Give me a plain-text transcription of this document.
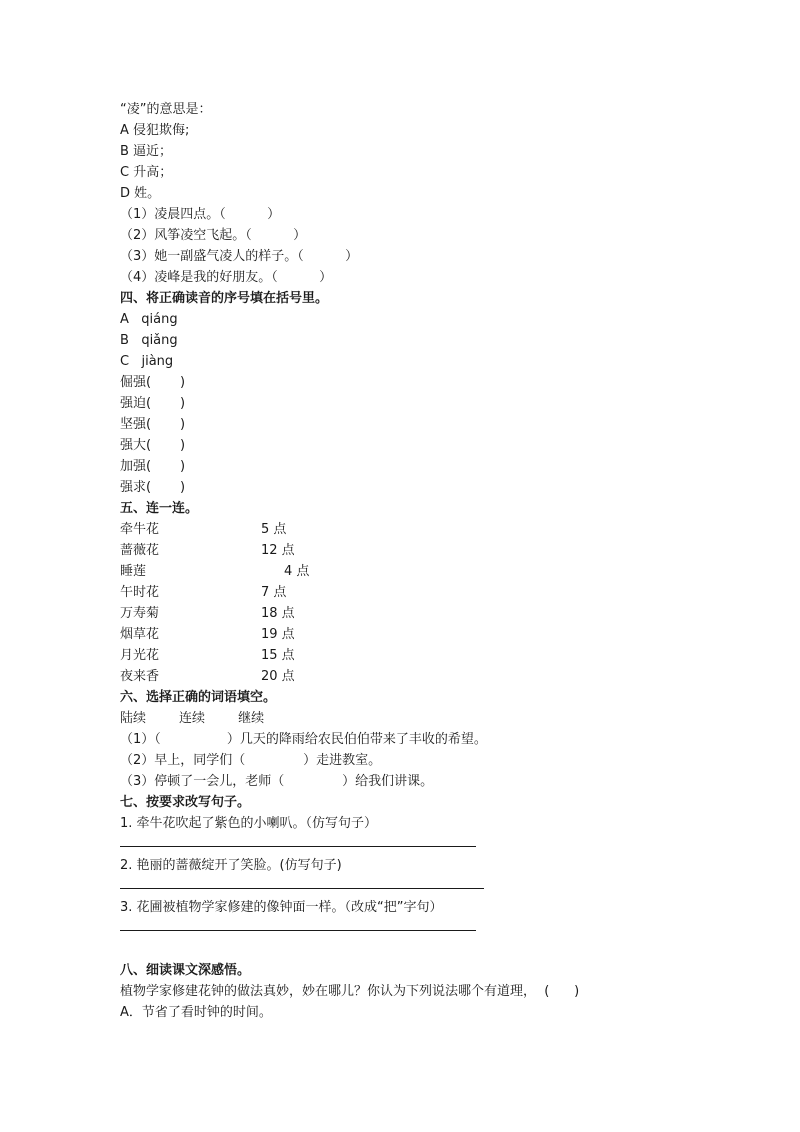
“凌”的意思是：
A 侵犯欺侮;
B 逼近；
C 升高；
D 姓。
（1）凌晨四点。（          ）
（2）风筝凌空飞起。（          ）
（3）她一副盛气凌人的样子。（          ）
（4）凌峰是我的好朋友。（          ）
四、将正确读音的序号填在括号里。
A   qiáng
B   qiǎng
C   jiàng
倔强(       )
强迫(       )
坚强(       )
强大(       )
加强(       )
强求(       )
五、连一连。
牵牛花	5 点
蔷薇花	12 点
睡莲	4 点
午时花	7 点
万寿菊	18 点
烟草花	19 点
月光花	15 点
夜来香	20 点
六、选择正确的词语填空。
陆续        连续        继续
（1）（                ）几天的降雨给农民伯伯带来了丰收的希望。
（2）早上，同学们（              ）走进教室。
（3）停顿了一会儿，老师（              ）给我们讲课。
七、按要求改写句子。
1. 牵牛花吹起了紫色的小喇叭。（仿写句子）
2. 艳丽的蔷薇绽开了笑脸。(仿写句子)
3. 花圃被植物学家修建的像钟面一样。（改成“把”字句）
八、细读课文深感悟。
植物学家修建花钟的做法真妙，妙在哪儿？你认为下列说法哪个有道理，  (      )
A．节省了看时钟的时间。
